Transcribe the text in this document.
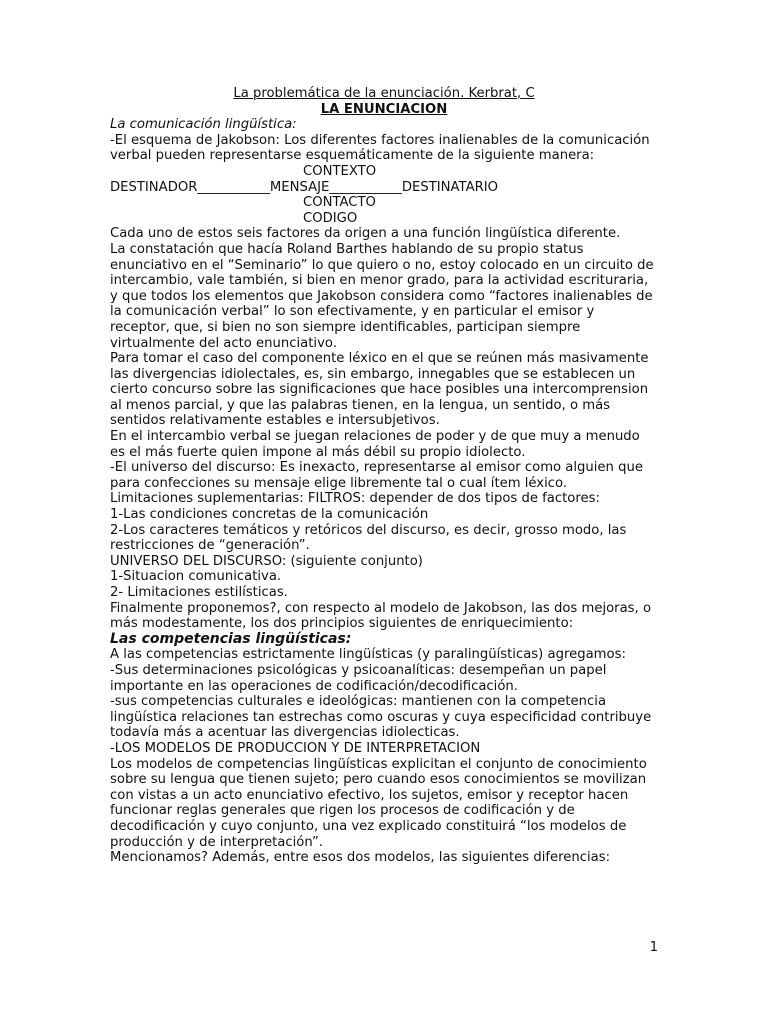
La problemática de la enunciación. Kerbrat, C
LA ENUNCIACION
La comunicación lingüística:
-El esquema de Jakobson: Los diferentes factores inalienables de la comunicación verbal pueden representarse esquemáticamente de la siguiente manera:
CONTEXTO
DESTINADOR___________MENSAJE___________DESTINATARIO
CONTACTO
CODIGO
Cada uno de estos seis factores da origen a una función lingüística diferente.
La constatación que hacía Roland Barthes hablando de su propio status enunciativo en el “Seminario” lo que quiero o no, estoy colocado en un circuito de intercambio, vale también, si bien en menor grado, para la actividad escrituraria, y que todos los elementos que Jakobson considera como “factores inalienables de la comunicación verbal” lo son efectivamente, y en particular el emisor y receptor, que, si bien no son siempre identificables, participan siempre virtualmente del acto enunciativo.
Para tomar el caso del componente léxico en el que se reúnen más masivamente las divergencias idiolectales, es, sin embargo, innegables que se establecen un cierto concurso sobre las significaciones que hace posibles una intercomprension al menos parcial, y que las palabras tienen, en la lengua, un sentido, o más sentidos relativamente estables e intersubjetivos.
En el intercambio verbal se juegan relaciones de poder y de que muy a menudo es el más fuerte quien impone al más débil su propio idiolecto.
-El universo del discurso: Es inexacto, representarse al emisor como alguien que para confecciones su mensaje elige libremente tal o cual ítem léxico.
Limitaciones suplementarias: FILTROS: depender de dos tipos de factores:
1-Las condiciones concretas de la comunicación
2-Los caracteres temáticos y retóricos del discurso, es decir, grosso modo, las restricciones de “generación”.
UNIVERSO DEL DISCURSO: (siguiente conjunto)
1-Situacion comunicativa.
2- Limitaciones estilísticas.
Finalmente proponemos?, con respecto al modelo de Jakobson, las dos mejoras, o más modestamente, los dos principios siguientes de enriquecimiento:
Las competencias lingüísticas:
A las competencias estrictamente lingüísticas (y paralingüísticas) agregamos:
-Sus determinaciones psicológicas y psicoanalíticas: desempeñan un papel importante en las operaciones de codificación/decodificación.
-sus competencias culturales e ideológicas: mantienen con la competencia lingüística relaciones tan estrechas como oscuras y cuya especificidad contribuye todavía más a acentuar las divergencias idiolecticas.
-LOS MODELOS DE PRODUCCION Y DE INTERPRETACION
Los modelos de competencias lingüísticas explicitan el conjunto de conocimiento sobre su lengua que tienen sujeto; pero cuando esos conocimientos se movilizan con vistas a un acto enunciativo efectivo, los sujetos, emisor y receptor hacen funcionar reglas generales que rigen los procesos de codificación y de decodificación y cuyo conjunto, una vez explicado constituirá “los modelos de producción y de interpretación”.
Mencionamos? Además, entre esos dos modelos, las siguientes diferencias:
1
